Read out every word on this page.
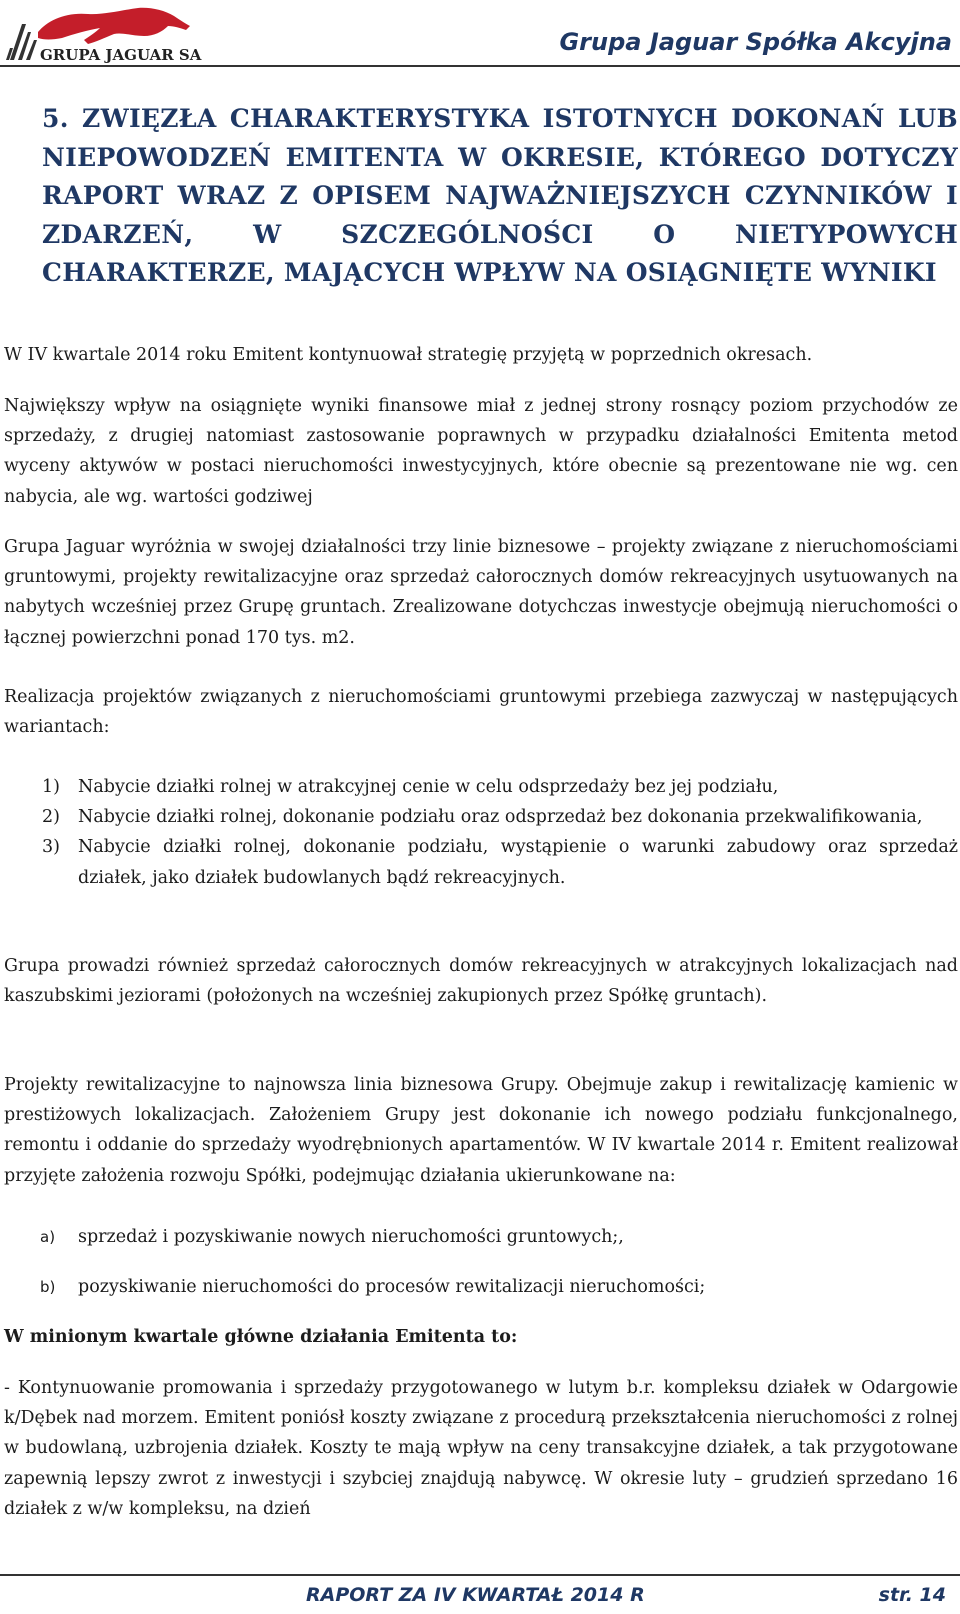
GRUPA JAGUAR SA	Grupa Jaguar Spółka Akcyjna
5. ZWIĘZŁA CHARAKTERYSTYKA ISTOTNYCH DOKONAŃ LUB NIEPOWODZEŃ EMITENTA W OKRESIE, KTÓREGO DOTYCZY RAPORT WRAZ Z OPISEM NAJWAŻNIEJSZYCH CZYNNIKÓW I ZDARZEŃ, W SZCZEGÓLNOŚCI O NIETYPOWYCH CHARAKTERZE, MAJĄCYCH WPŁYW NA OSIĄGNIĘTE WYNIKI

W IV kwartale 2014 roku Emitent kontynuował strategię przyjętą w poprzednich okresach.

Największy wpływ na osiągnięte wyniki finansowe miał z jednej strony rosnący poziom przychodów ze sprzedaży, z drugiej natomiast zastosowanie poprawnych w przypadku działalności Emitenta metod wyceny aktywów w postaci nieruchomości inwestycyjnych, które obecnie są prezentowane nie wg. cen nabycia, ale wg. wartości godziwej

Grupa Jaguar wyróżnia w swojej działalności trzy linie biznesowe – projekty związane z nieruchomościami gruntowymi, projekty rewitalizacyjne oraz sprzedaż całorocznych domów rekreacyjnych usytuowanych na nabytych wcześniej przez Grupę gruntach. Zrealizowane dotychczas inwestycje obejmują nieruchomości o łącznej powierzchni ponad 170 tys. m2.

Realizacja projektów związanych z nieruchomościami gruntowymi przebiega zazwyczaj w następujących wariantach:

1) Nabycie działki rolnej w atrakcyjnej cenie w celu odsprzedaży bez jej podziału,
2) Nabycie działki rolnej, dokonanie podziału oraz odsprzedaż bez dokonania przekwalifikowania,
3) Nabycie działki rolnej, dokonanie podziału, wystąpienie o warunki zabudowy oraz sprzedaż działek, jako działek budowlanych bądź rekreacyjnych.

Grupa prowadzi również sprzedaż całorocznych domów rekreacyjnych w atrakcyjnych lokalizacjach nad kaszubskimi jeziorami (położonych na wcześniej zakupionych przez Spółkę gruntach).

Projekty rewitalizacyjne to najnowsza linia biznesowa Grupy. Obejmuje zakup i rewitalizację kamienic w prestiżowych lokalizacjach. Założeniem Grupy jest dokonanie ich nowego podziału funkcjonalnego, remontu i oddanie do sprzedaży wyodrębnionych apartamentów. W IV kwartale 2014 r. Emitent realizował przyjęte założenia rozwoju Spółki, podejmując działania ukierunkowane na:

a) sprzedaż i pozyskiwanie nowych nieruchomości gruntowych;,
b) pozyskiwanie nieruchomości do procesów rewitalizacji nieruchomości;

W minionym kwartale główne działania Emitenta to:

- Kontynuowanie promowania i sprzedaży przygotowanego w lutym b.r. kompleksu działek w Odargowie k/Dębek nad morzem. Emitent poniósł koszty związane z procedurą przekształcenia nieruchomości z rolnej w budowlaną, uzbrojenia działek. Koszty te mają wpływ na ceny transakcyjne działek, a tak przygotowane zapewnią lepszy zwrot z inwestycji i szybciej znajdują nabywcę. W okresie luty – grudzień sprzedano 16 działek z w/w kompleksu, na dzień

RAPORT ZA IV KWARTAŁ 2014 R	str. 14
